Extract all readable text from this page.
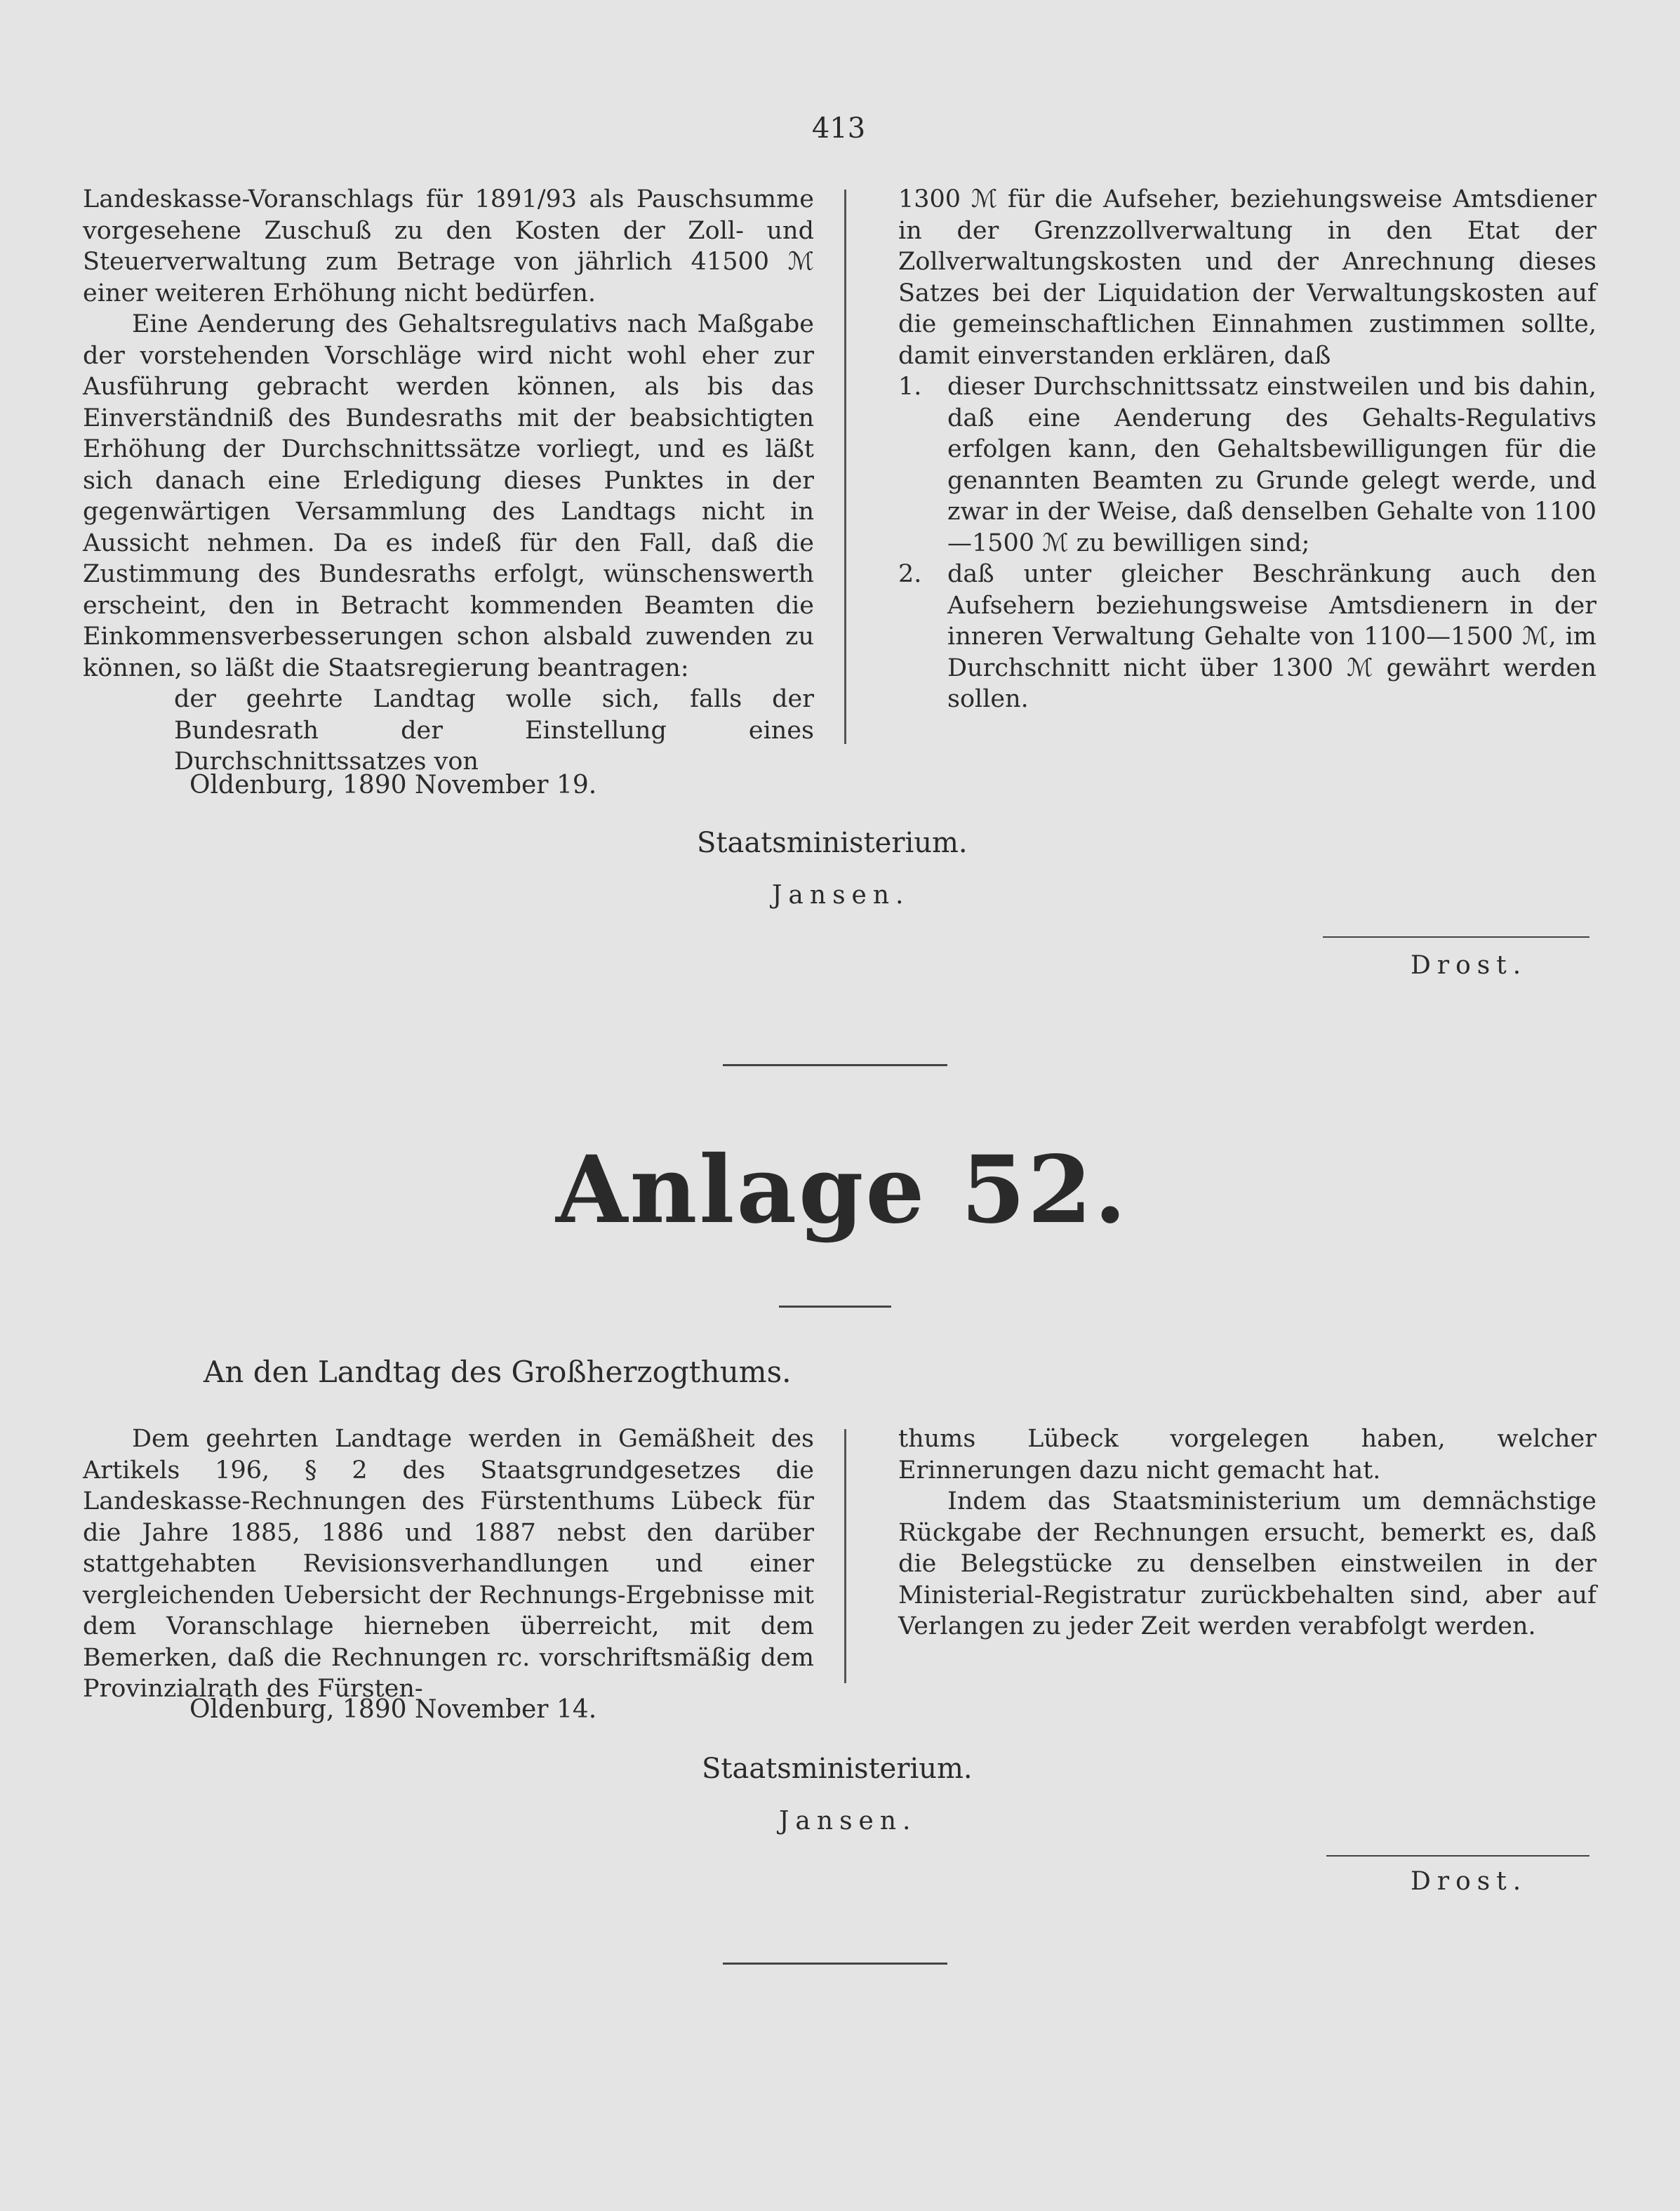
413

Landeskasse-Voranschlags für 1891/93 als Pauschsumme vorgesehene Zuschuß zu den Kosten der Zoll- und Steuerverwaltung zum Betrage von jährlich 41500 ℳ einer weiteren Erhöhung nicht bedürfen.

Eine Aenderung des Gehaltsregulativs nach Maßgabe der vorstehenden Vorschläge wird nicht wohl eher zur Ausführung gebracht werden können, als bis das Einverständniß des Bundesraths mit der beabsichtigten Erhöhung der Durchschnittssätze vorliegt, und es läßt sich danach eine Erledigung dieses Punktes in der gegenwärtigen Versammlung des Landtags nicht in Aussicht nehmen. Da es indeß für den Fall, daß die Zustimmung des Bundesraths erfolgt, wünschenswerth erscheint, den in Betracht kommenden Beamten die Einkommensverbesserungen schon alsbald zuwenden zu können, so läßt die Staatsregierung beantragen:

der geehrte Landtag wolle sich, falls der Bundesrath der Einstellung eines Durchschnittssatzes von

1300 ℳ für die Aufseher, beziehungsweise Amtsdiener in der Grenzzollverwaltung in den Etat der Zollverwaltungskosten und der Anrechnung dieses Satzes bei der Liquidation der Verwaltungskosten auf die gemeinschaftlichen Einnahmen zustimmen sollte, damit einverstanden erklären, daß

1.	dieser Durchschnittssatz einstweilen und bis dahin, daß eine Aenderung des Gehalts-Regulativs erfolgen kann, den Gehaltsbewilligungen für die genannten Beamten zu Grunde gelegt werde, und zwar in der Weise, daß denselben Gehalte von 1100—1500 ℳ zu bewilligen sind;
2.	daß unter gleicher Beschränkung auch den Aufsehern beziehungsweise Amtsdienern in der inneren Verwaltung Gehalte von 1100—1500 ℳ, im Durchschnitt nicht über 1300 ℳ gewährt werden sollen.
Oldenburg, 1890 November 19.
Staatsministerium.
Jansen.
Drost.
Anlage 52.
An den Landtag des Großherzogthums.

Dem geehrten Landtage werden in Gemäßheit des Artikels 196, § 2 des Staatsgrundgesetzes die Landeskasse-Rechnungen des Fürstenthums Lübeck für die Jahre 1885, 1886 und 1887 nebst den darüber stattgehabten Revisionsverhandlungen und einer vergleichenden Uebersicht der Rechnungs-Ergebnisse mit dem Voranschlage hierneben überreicht, mit dem Bemerken, daß die Rechnungen rc. vorschriftsmäßig dem Provinzialrath des Fürsten-

thums Lübeck vorgelegen haben, welcher Erinnerungen dazu nicht gemacht hat.

Indem das Staatsministerium um demnächstige Rückgabe der Rechnungen ersucht, bemerkt es, daß die Belegstücke zu denselben einstweilen in der Ministerial-Registratur zurückbehalten sind, aber auf Verlangen zu jeder Zeit werden verabfolgt werden.

Oldenburg, 1890 November 14.
Staatsministerium.
Jansen.
Drost.
